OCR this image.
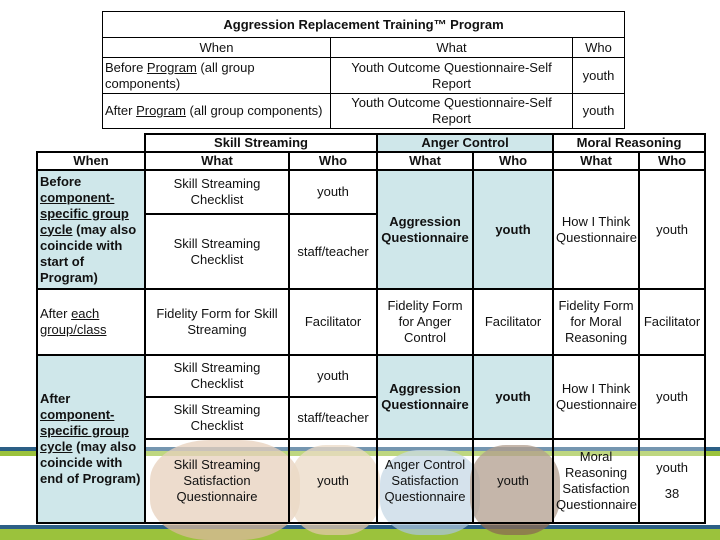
Aggression Replacement Training™ Program		
When	What	Who
Before Program (all group components)	Youth Outcome Questionnaire-Self Report	youth
After Program (all group components)	Youth Outcome Questionnaire-Self Report	youth
	Skill Streaming		Anger Control		Moral Reasoning	
When	What	Who	What	Who	What	Who
Before component-specific group cycle (may also coincide with start of Program)	Skill Streaming Checklist	youth	Aggression Questionnaire	youth	How I Think Questionnaire	youth
	Skill Streaming Checklist	staff/teacher				
After each group/class	Fidelity Form for Skill Streaming	Facilitator	Fidelity Form for Anger Control	Facilitator	Fidelity Form for Moral Reasoning	Facilitator
After component-specific group cycle (may also coincide with end of Program)	Skill Streaming Checklist	youth	Aggression Questionnaire	youth	How I Think Questionnaire	youth
	Skill Streaming Checklist	staff/teacher				
	Skill Streaming Satisfaction Questionnaire	youth	Anger Control Satisfaction Questionnaire	youth	Moral Reasoning Satisfaction Questionnaire	youth
38
